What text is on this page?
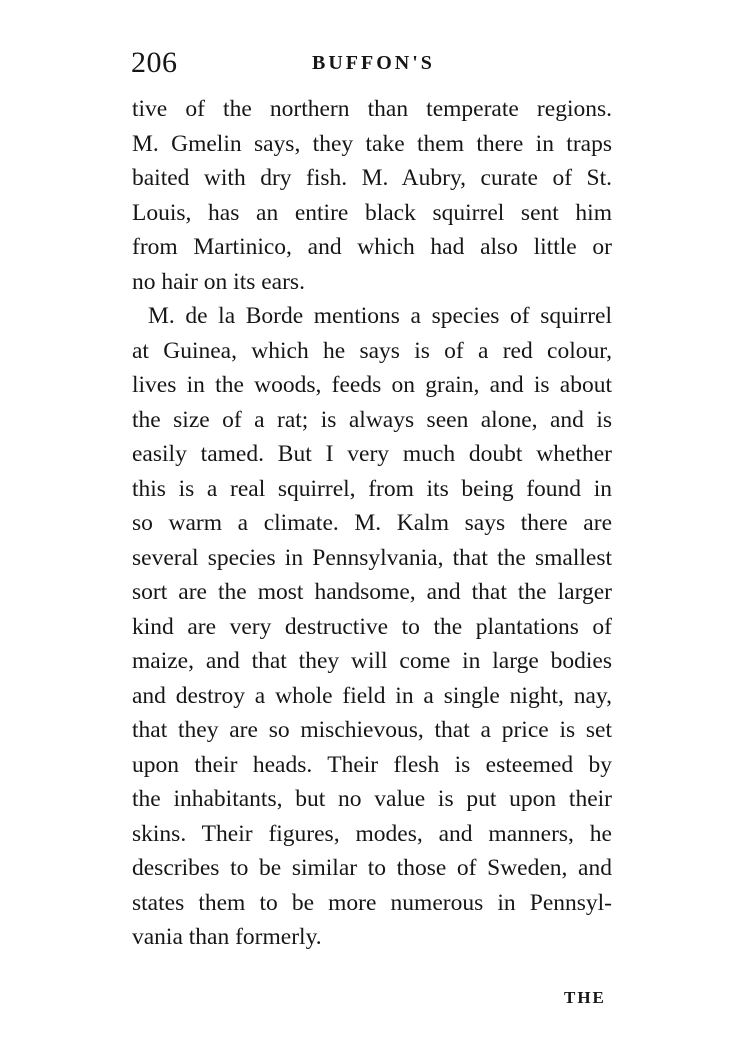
206	BUFFON'S
tive of the northern than temperate regions.
M. Gmelin says, they take them there in traps
baited with dry fish. M. Aubry, curate of St.
Louis, has an entire black squirrel sent him
from Martinico, and which had also little or
no hair on its ears.
M. de la Borde mentions a species of squirrel
at Guinea, which he says is of a red colour,
lives in the woods, feeds on grain, and is about
the size of a rat; is always seen alone, and is
easily tamed. But I very much doubt whether
this is a real squirrel, from its being found in
so warm a climate. M. Kalm says there are
several species in Pennsylvania, that the smallest
sort are the most handsome, and that the larger
kind are very destructive to the plantations of
maize, and that they will come in large bodies
and destroy a whole field in a single night, nay,
that they are so mischievous, that a price is set
upon their heads. Their flesh is esteemed by
the inhabitants, but no value is put upon their
skins. Their figures, modes, and manners, he
describes to be similar to those of Sweden, and
states them to be more numerous in Pennsyl-
vania than formerly.
THE
